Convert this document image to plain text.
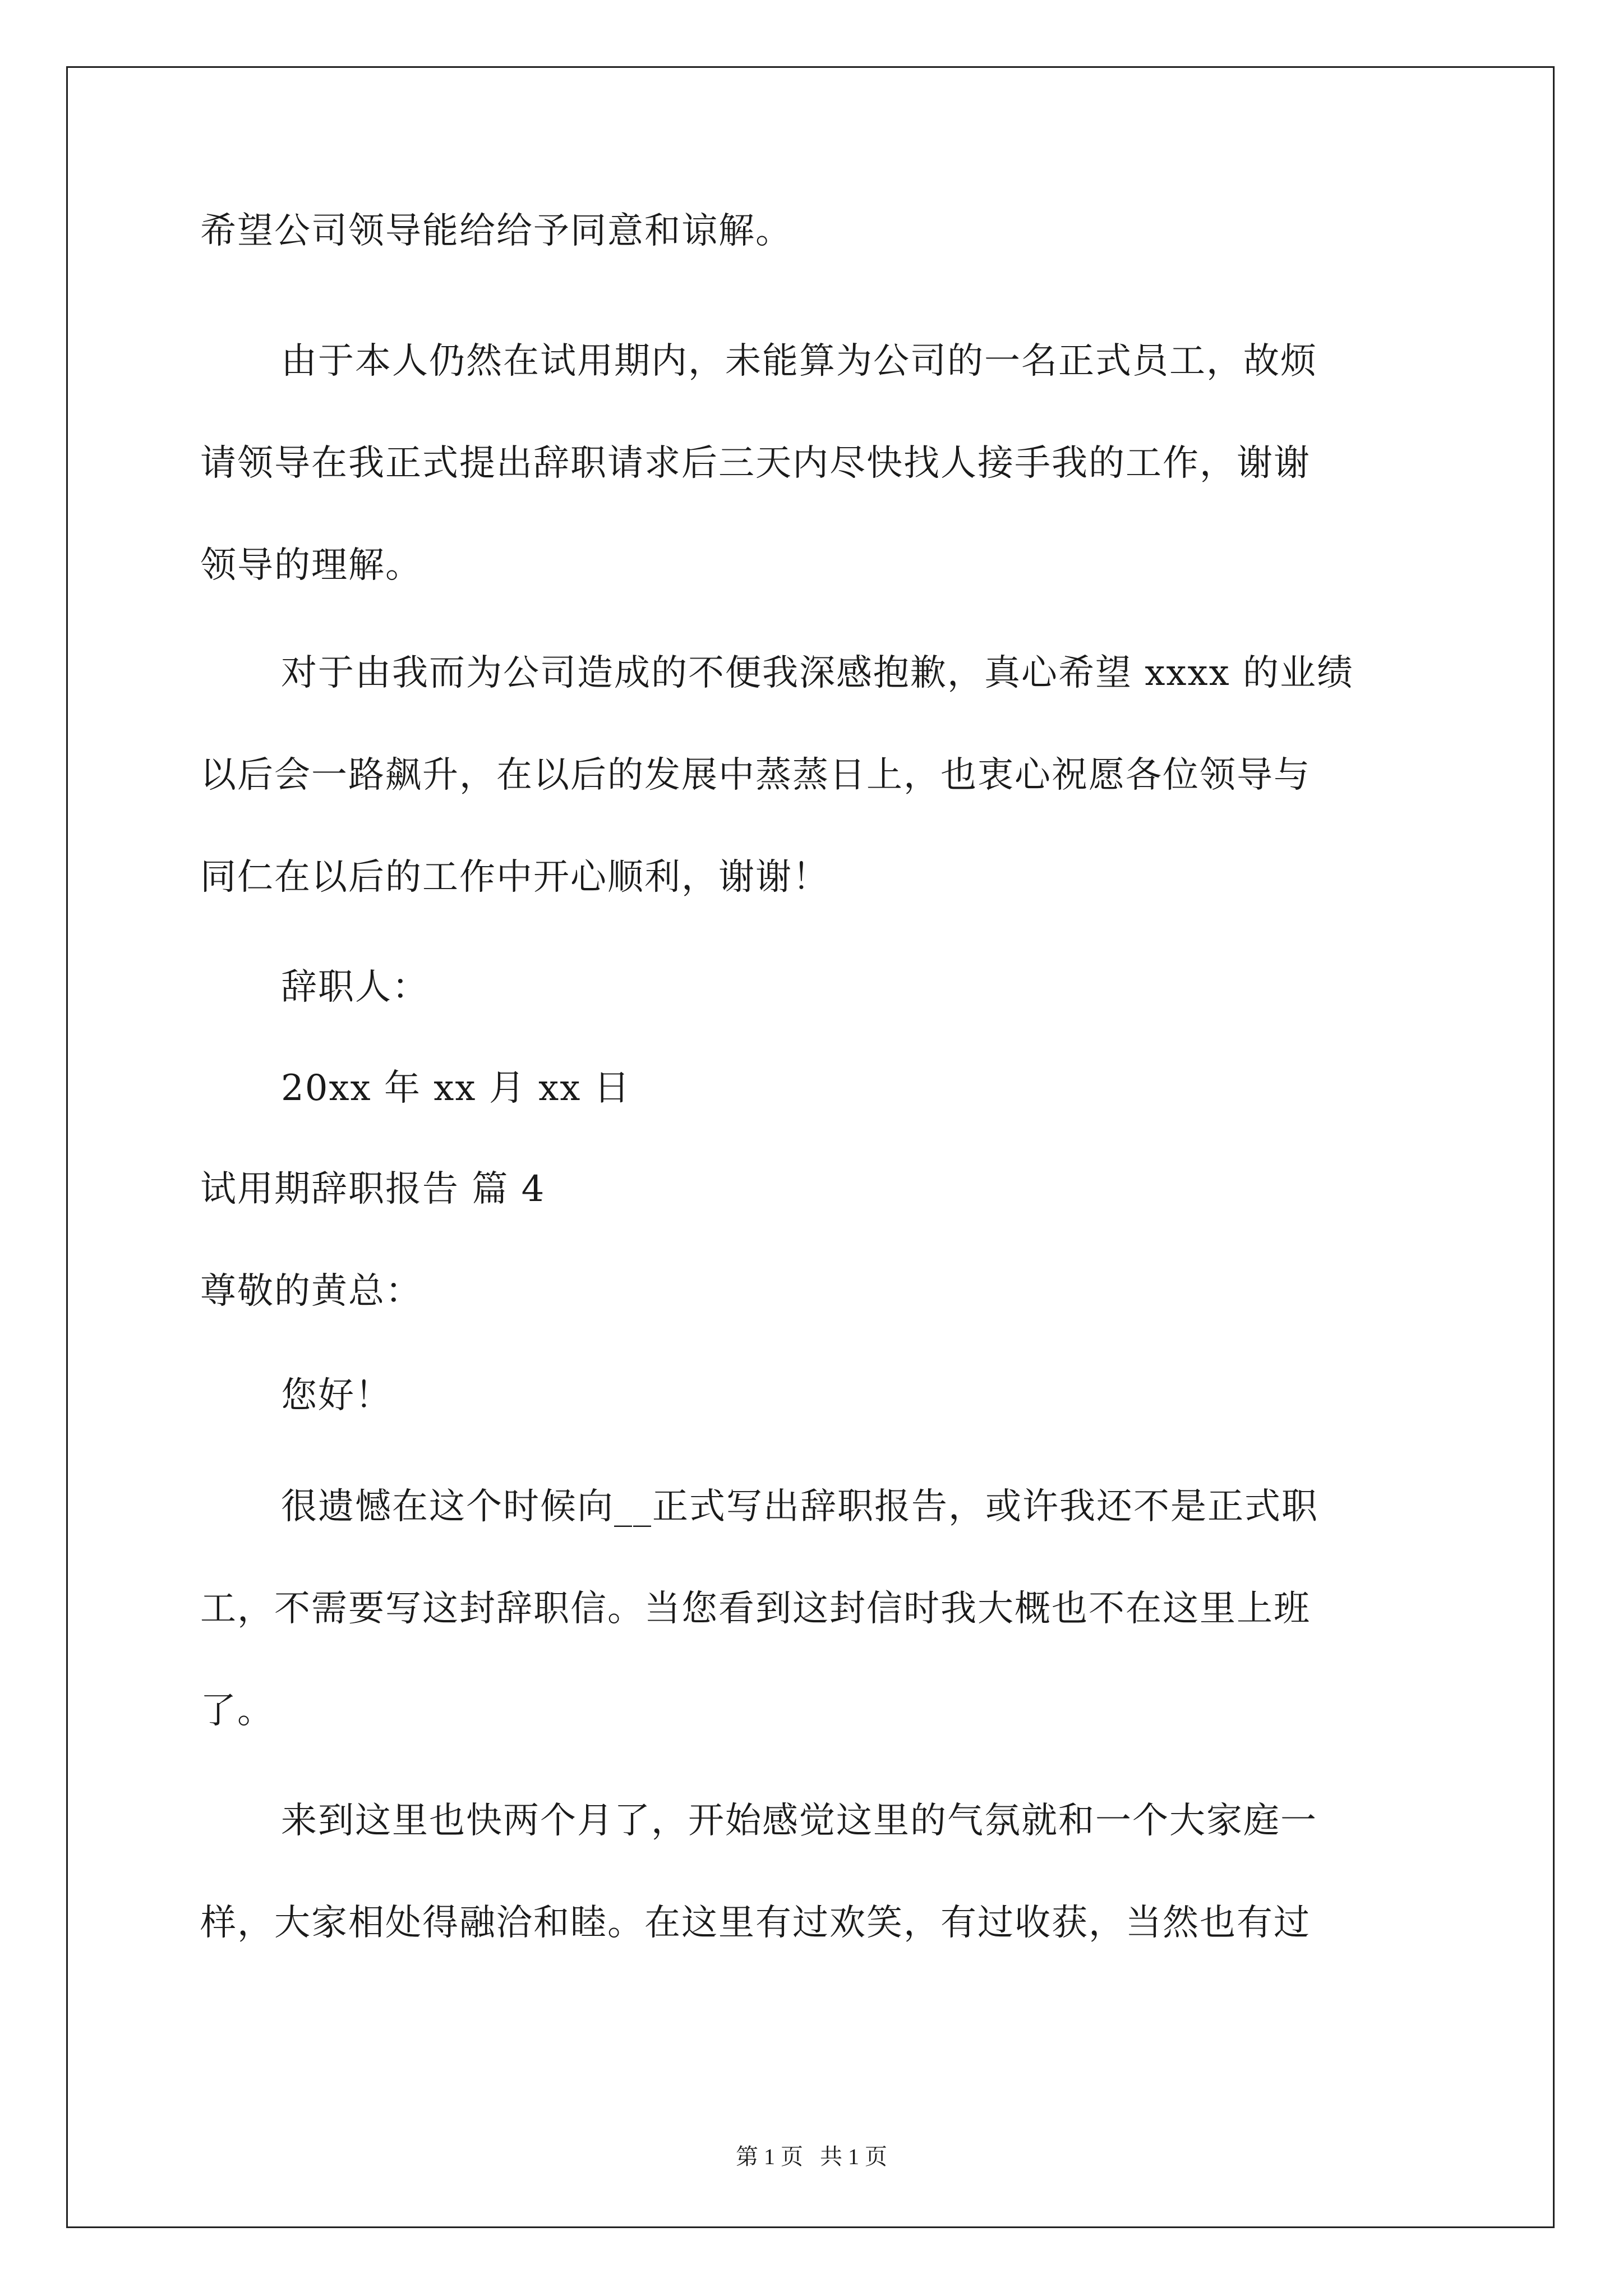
希望公司领导能给给予同意和谅解。
由于本人仍然在试用期内，未能算为公司的一名正式员工，故烦
请领导在我正式提出辞职请求后三天内尽快找人接手我的工作，谢谢
领导的理解。
对于由我而为公司造成的不便我深感抱歉，真心希望 xxxx 的业绩
以后会一路飙升，在以后的发展中蒸蒸日上，也衷心祝愿各位领导与
同仁在以后的工作中开心顺利，谢谢！
辞职人：
20xx 年 xx 月 xx 日
试用期辞职报告 篇 4
尊敬的黄总：
您好！
很遗憾在这个时候向__正式写出辞职报告，或许我还不是正式职
工，不需要写这封辞职信。当您看到这封信时我大概也不在这里上班
了。
来到这里也快两个月了，开始感觉这里的气氛就和一个大家庭一
样，大家相处得融洽和睦。在这里有过欢笑，有过收获，当然也有过
第 1 页 共 1 页
